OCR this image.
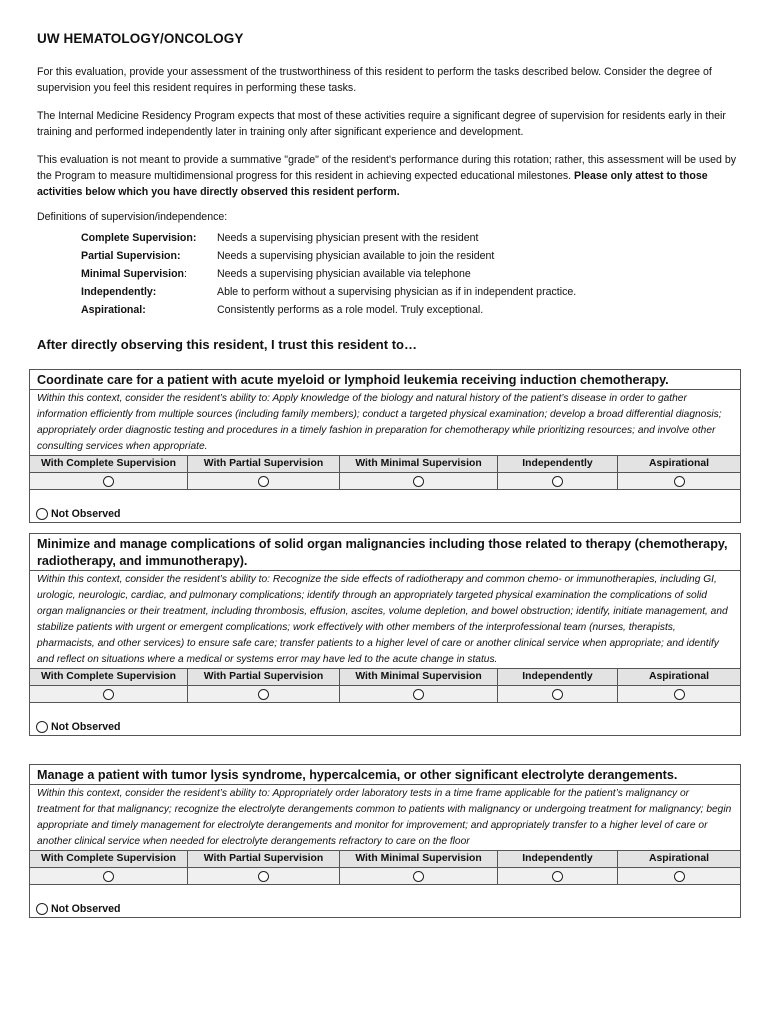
UW HEMATOLOGY/ONCOLOGY
For this evaluation, provide your assessment of the trustworthiness of this resident to perform the tasks described below. Consider the degree of supervision you feel this resident requires in performing these tasks.
The Internal Medicine Residency Program expects that most of these activities require a significant degree of supervision for residents early in their training and performed independently later in training only after significant experience and development.
This evaluation is not meant to provide a summative "grade" of the resident's performance during this rotation; rather, this assessment will be used by the Program to measure multidimensional progress for this resident in achieving expected educational milestones. Please only attest to those activities below which you have directly observed this resident perform.
Definitions of supervision/independence:
Complete Supervision: Needs a supervising physician present with the resident
Partial Supervision:	Needs a supervising physician available to join the resident
Minimal Supervision:	Needs a supervising physician available via telephone
Independently:	Able to perform without a supervising physician as if in independent practice.
Aspirational:	Consistently performs as a role model. Truly exceptional.
After directly observing this resident, I trust this resident to…
Coordinate care for a patient with acute myeloid or lymphoid leukemia receiving induction chemotherapy.
Within this context, consider the resident’s ability to: Apply knowledge of the biology and natural history of the patient’s disease in order to gather information efficiently from multiple sources (including family members); conduct a targeted physical examination; develop a broad differential diagnosis; appropriately order diagnostic testing and procedures in a timely fashion in preparation for chemotherapy while prioritizing resources; and involve other consulting services when appropriate.
With Complete Supervision	With Partial Supervision	With Minimal Supervision	Independently	Aspirational
Not Observed
Minimize and manage complications of solid organ malignancies including those related to therapy (chemotherapy, radiotherapy, and immunotherapy).
Within this context, consider the resident’s ability to: Recognize the side effects of radiotherapy and common chemo- or immunotherapies, including GI, urologic, neurologic, cardiac, and pulmonary complications; identify through an appropriately targeted physical examination the complications of solid organ malignancies or their treatment, including thrombosis, effusion, ascites, volume depletion, and bowel obstruction; identify, initiate management, and stabilize patients with urgent or emergent complications; work effectively with other members of the interprofessional team (nurses, therapists, pharmacists, and other services) to ensure safe care; transfer patients to a higher level of care or another clinical service when appropriate; and identify and reflect on situations where a medical or systems error may have led to the acute change in status.
With Complete Supervision	With Partial Supervision	With Minimal Supervision	Independently	Aspirational
Not Observed
Manage a patient with tumor lysis syndrome, hypercalcemia, or other significant electrolyte derangements.
Within this context, consider the resident’s ability to: Appropriately order laboratory tests in a time frame applicable for the patient’s malignancy or treatment for that malignancy; recognize the electrolyte derangements common to patients with malignancy or undergoing treatment for malignancy; begin appropriate and timely management for electrolyte derangements and monitor for improvement; and appropriately transfer to a higher level of care or another clinical service when needed for electrolyte derangements refractory to care on the floor
With Complete Supervision	With Partial Supervision	With Minimal Supervision	Independently	Aspirational
Not Observed
